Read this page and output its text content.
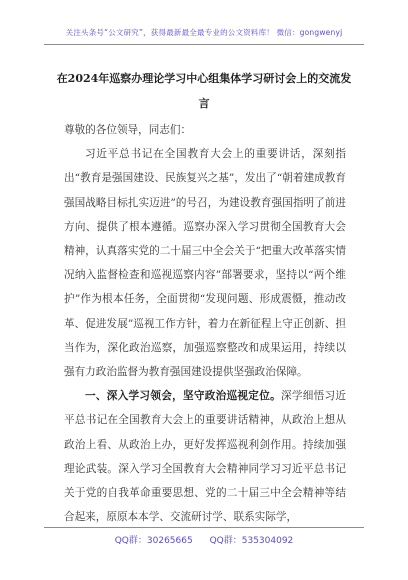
关注头条号“公文研究”，获得最新最全最专业的公文资料库！ 微信：gongwenyj
在2024年巡察办理论学习中心组集体学习研讨会上的交流发言

尊敬的各位领导，同志们：

习近平总书记在全国教育大会上的重要讲话，深刻指出“教育是强国建设、民族复兴之基”，发出了“朝着建成教育强国战略目标扎实迈进”的号召，为建设教育强国指明了前进方向、提供了根本遵循。巡察办深入学习贯彻全国教育大会精神，认真落实党的二十届三中全会关于“把重大改革落实情况纳入监督检查和巡视巡察内容”部署要求，坚持以“两个维护”作为根本任务，全面贯彻“发现问题、形成震慑，推动改革、促进发展”巡视工作方针，着力在新征程上守正创新、担当作为，深化政治巡察，加强巡察整改和成果运用，持续以强有力政治监督为教育强国建设提供坚强政治保障。

一、深入学习领会，坚守政治巡视定位。深学细悟习近平总书记在全国教育大会上的重要讲话精神，从政治上想从政治上看、从政治上办，更好发挥巡视利剑作用。持续加强理论武装。深入学习全国教育大会精神同学习习近平总书记关于党的自我革命重要思想、党的二十届三中全会精神等结合起来，原原本本学、交流研讨学、联系实际学，

QQ群：30265665 QQ群：535304092
